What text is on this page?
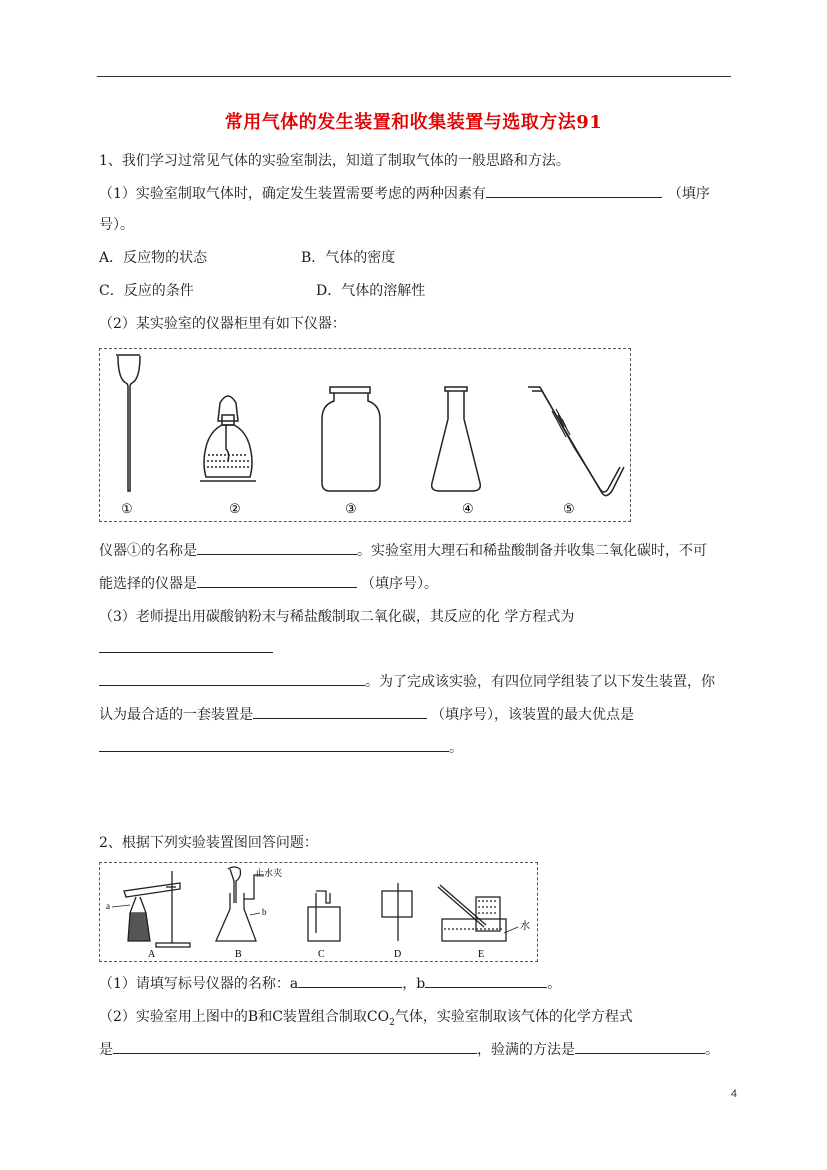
常用气体的发生装置和收集装置与选取方法91
1、我们学习过常见气体的实验室制法，知道了制取气体的一般思路和方法。
（1）实验室制取气体时，确定发生装置需要考虑的两种因素有	（填序
号）。
A．反应物的状态	B．气体的密度
C．反应的条件	D．气体的溶解性
（2）某实验室的仪器柜里有如下仪器：
①	②	③	④	⑤
仪器①的名称是	。实验室用大理石和稀盐酸制备并收集二氧化碳时，不可
能选择的仪器是	（填序号）。
（3）老师提出用碳酸钠粉末与稀盐酸制取二氧化碳，其反应的化 学方程式为
。为了完成该实验，有四位同学组装了以下发生装置，你
认为最合适的一套装置是	（填序号），该装置的最大优点是
。
2、根据下列实验装置图回答问题：
a
止水夹
b
水
A	B	C	D	E
（1）请填写标号仪器的名称：a	，b	。
（2）实验室用上图中的B和C装置组合制取$CO_2$气体，实验室制取该气体的化学方程式
是	，验满的方法是	。
4
